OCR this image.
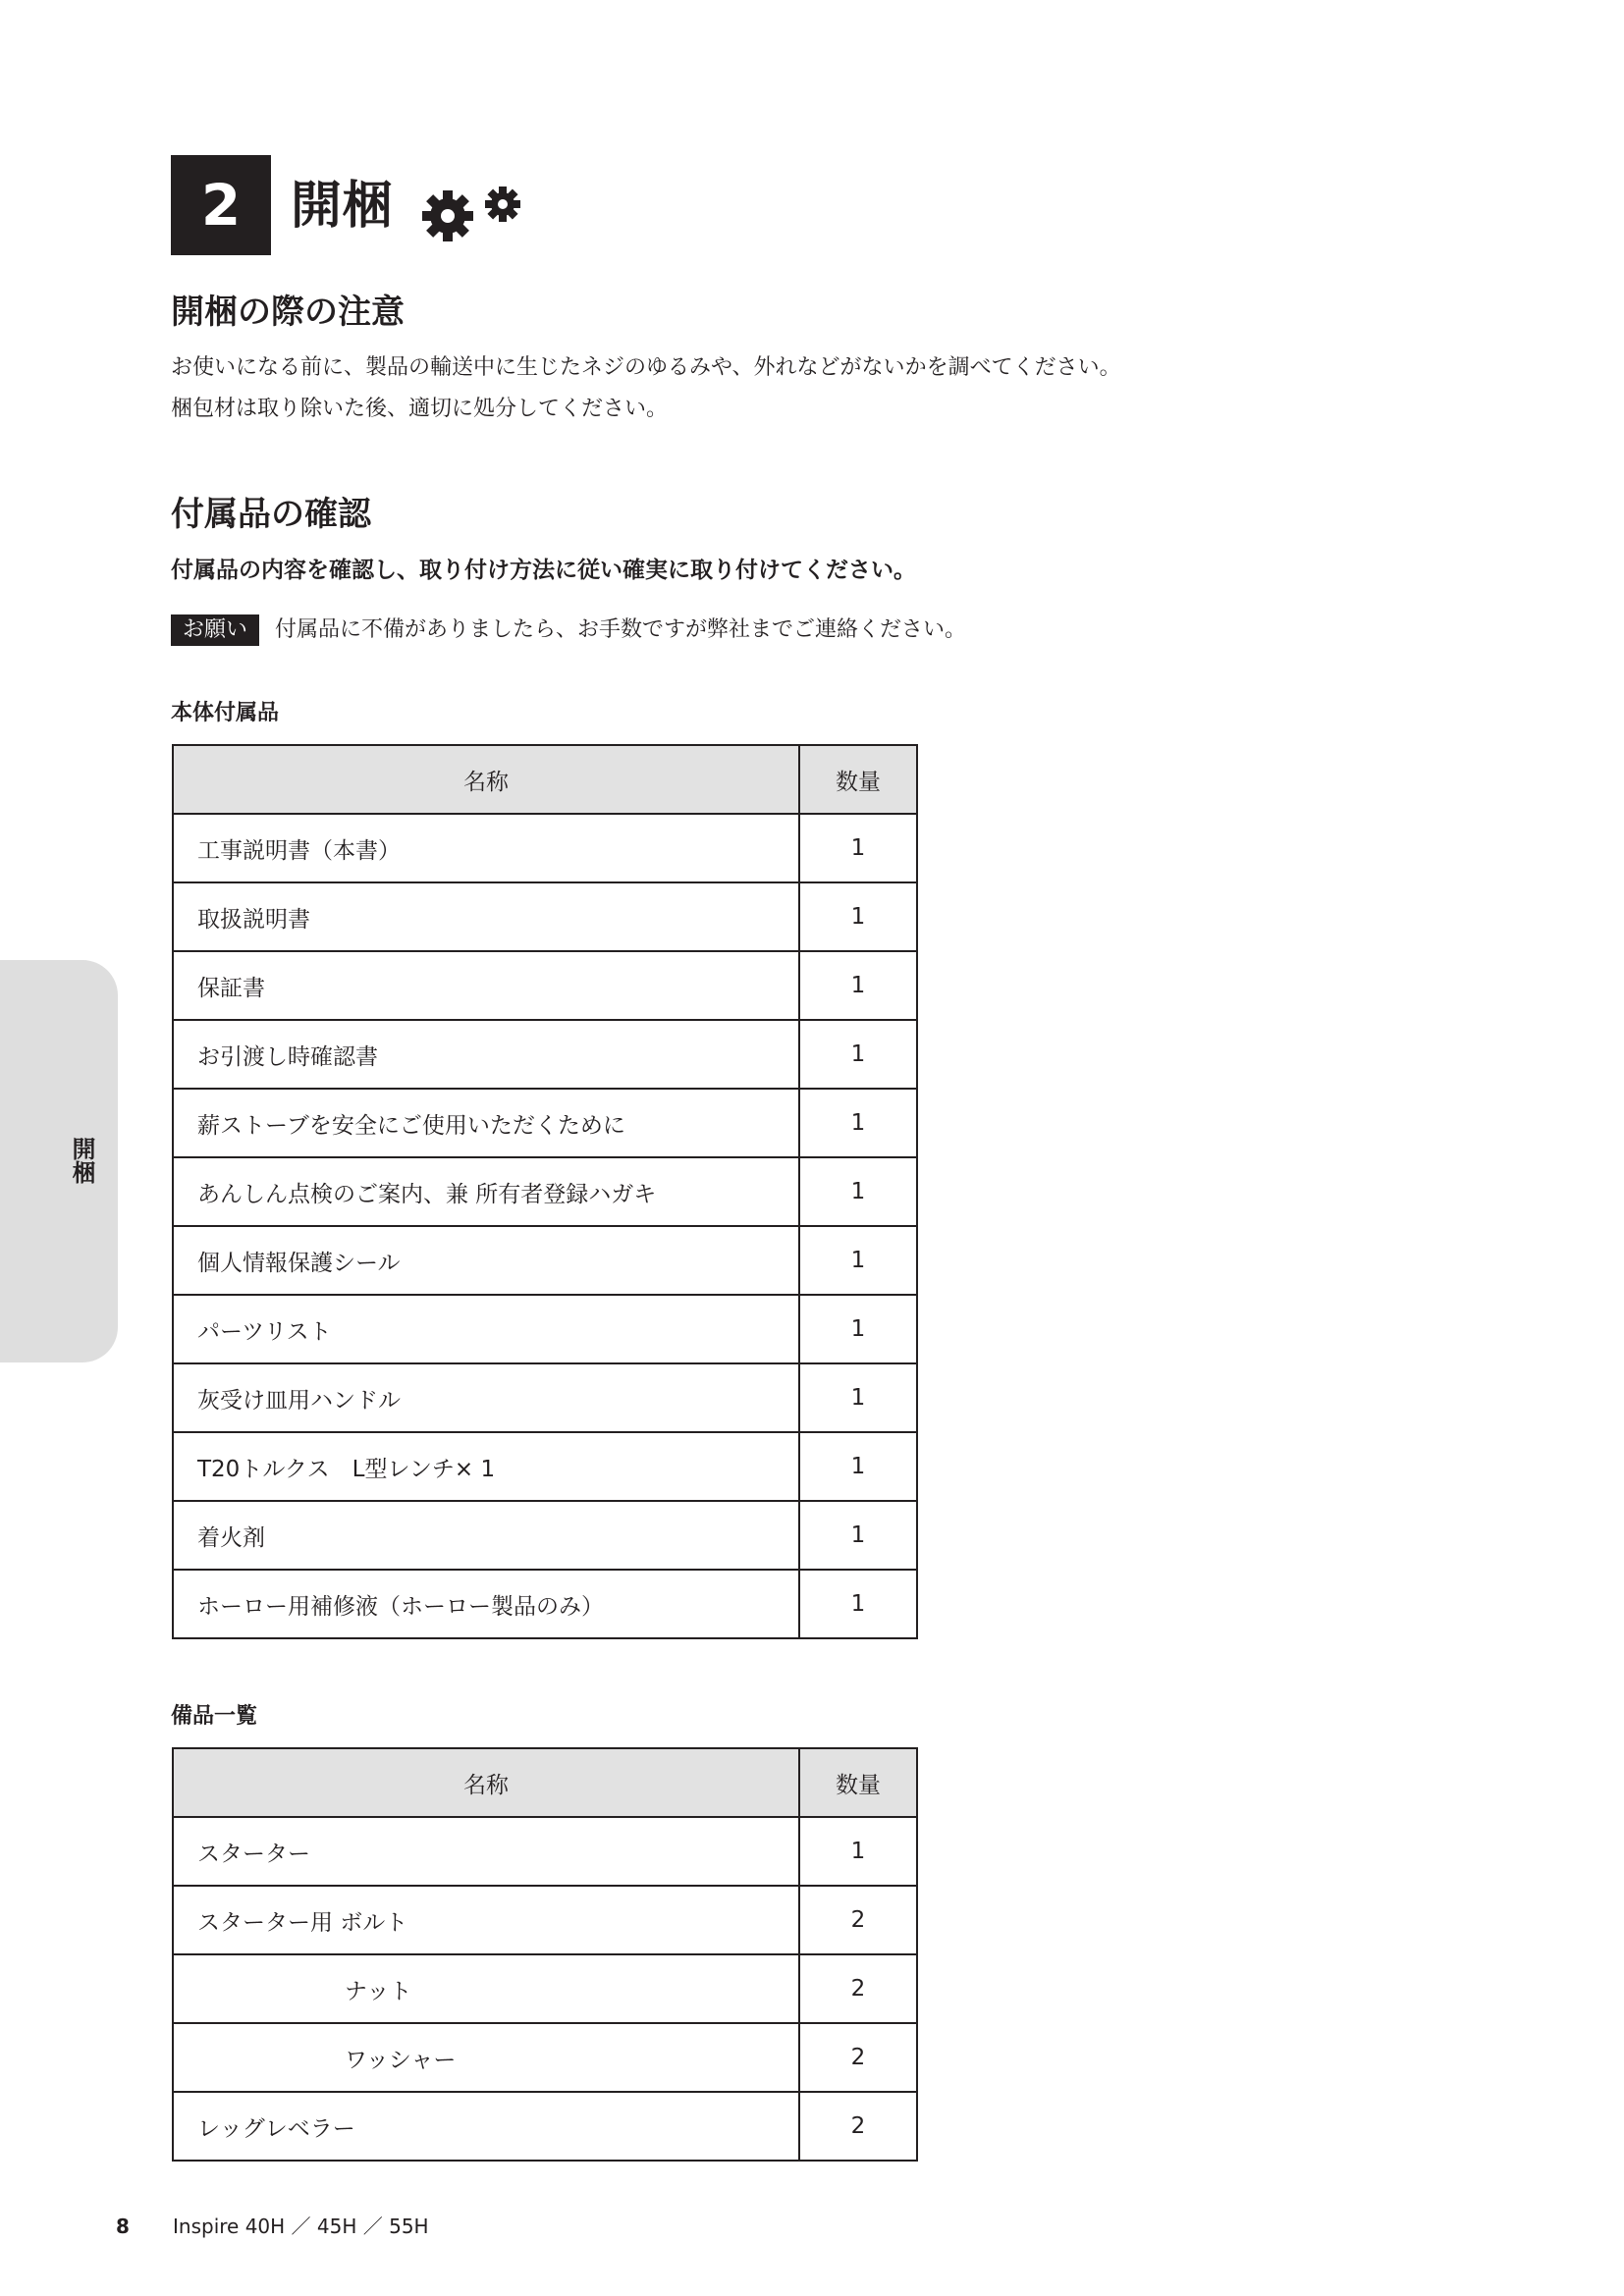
2 開梱
開梱の際の注意
お使いになる前に、製品の輸送中に生じたネジのゆるみや、外れなどがないかを調べてください。
梱包材は取り除いた後、適切に処分してください。
付属品の確認
付属品の内容を確認し、取り付け方法に従い確実に取り付けてください。
お願い	付属品に不備がありましたら、お手数ですが弊社までご連絡ください。
本体付属品
名称	数量
工事説明書（本書）	1
取扱説明書	1
保証書	1
お引渡し時確認書	1
薪ストーブを安全にご使用いただくために	1
あんしん点検のご案内、兼 所有者登録ハガキ	1
個人情報保護シール	1
パーツリスト	1
灰受け皿用ハンドル	1
T20トルクス　L型レンチ× 1	1
着火剤	1
ホーロー用補修液（ホーロー製品のみ）	1
備品一覧
名称	数量
スターター	1
スターター用 ボルト	2
ナット	2
ワッシャー	2
レッグレベラー	2
開梱
8 Inspire 40H ／ 45H ／ 55H
